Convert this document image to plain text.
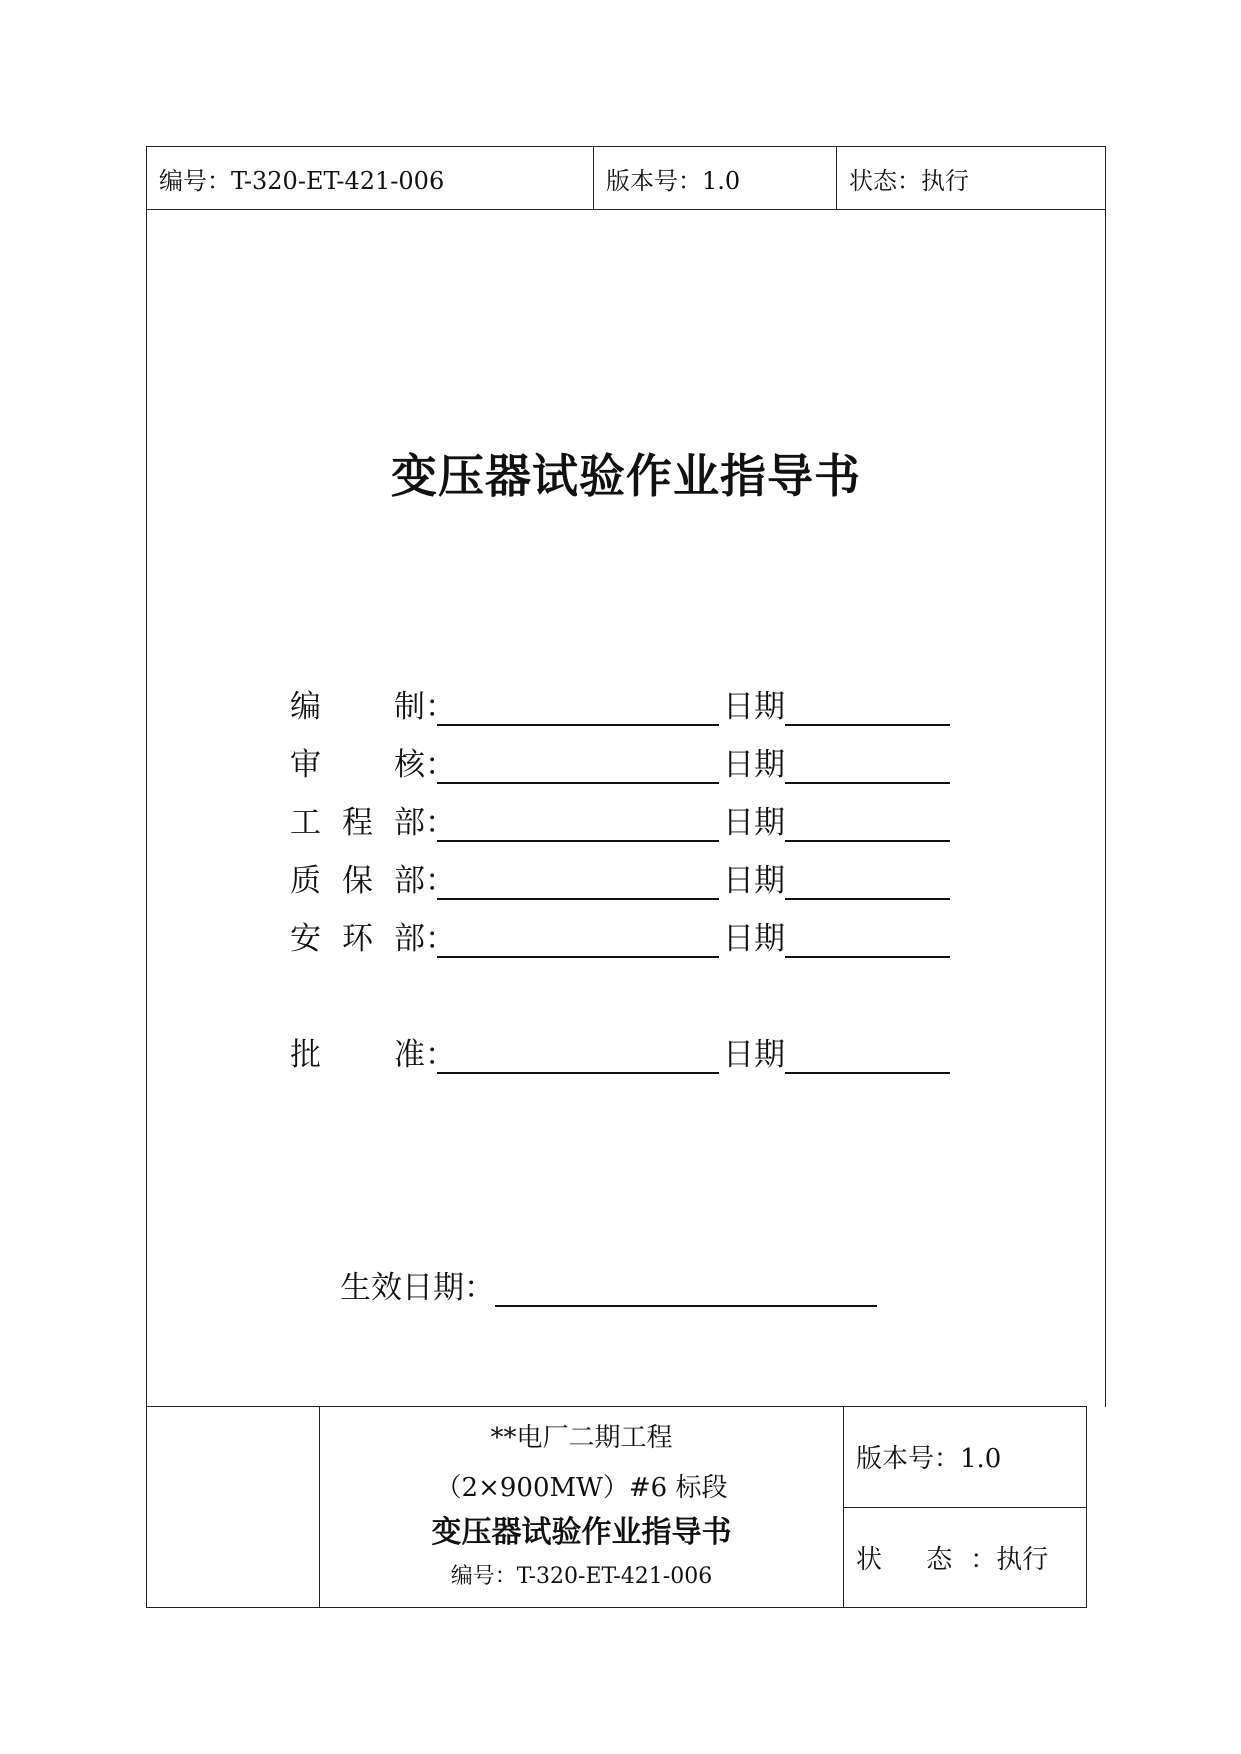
编号：T-320-ET-421-006	版本号：1.0	状态：执行
变压器试验作业指导书
编 制 ：	日期
审 核 ：	日期
工 程 部 ：	日期
质 保 部 ：	日期
安 环 部 ：	日期
批 准 ：	日期
生效日期 ：
**电厂二期工程
（2×900MW）#6 标段
变压器试验作业指导书
编号：T-320-ET-421-006
版本号：1.0
状 态 ：执行
